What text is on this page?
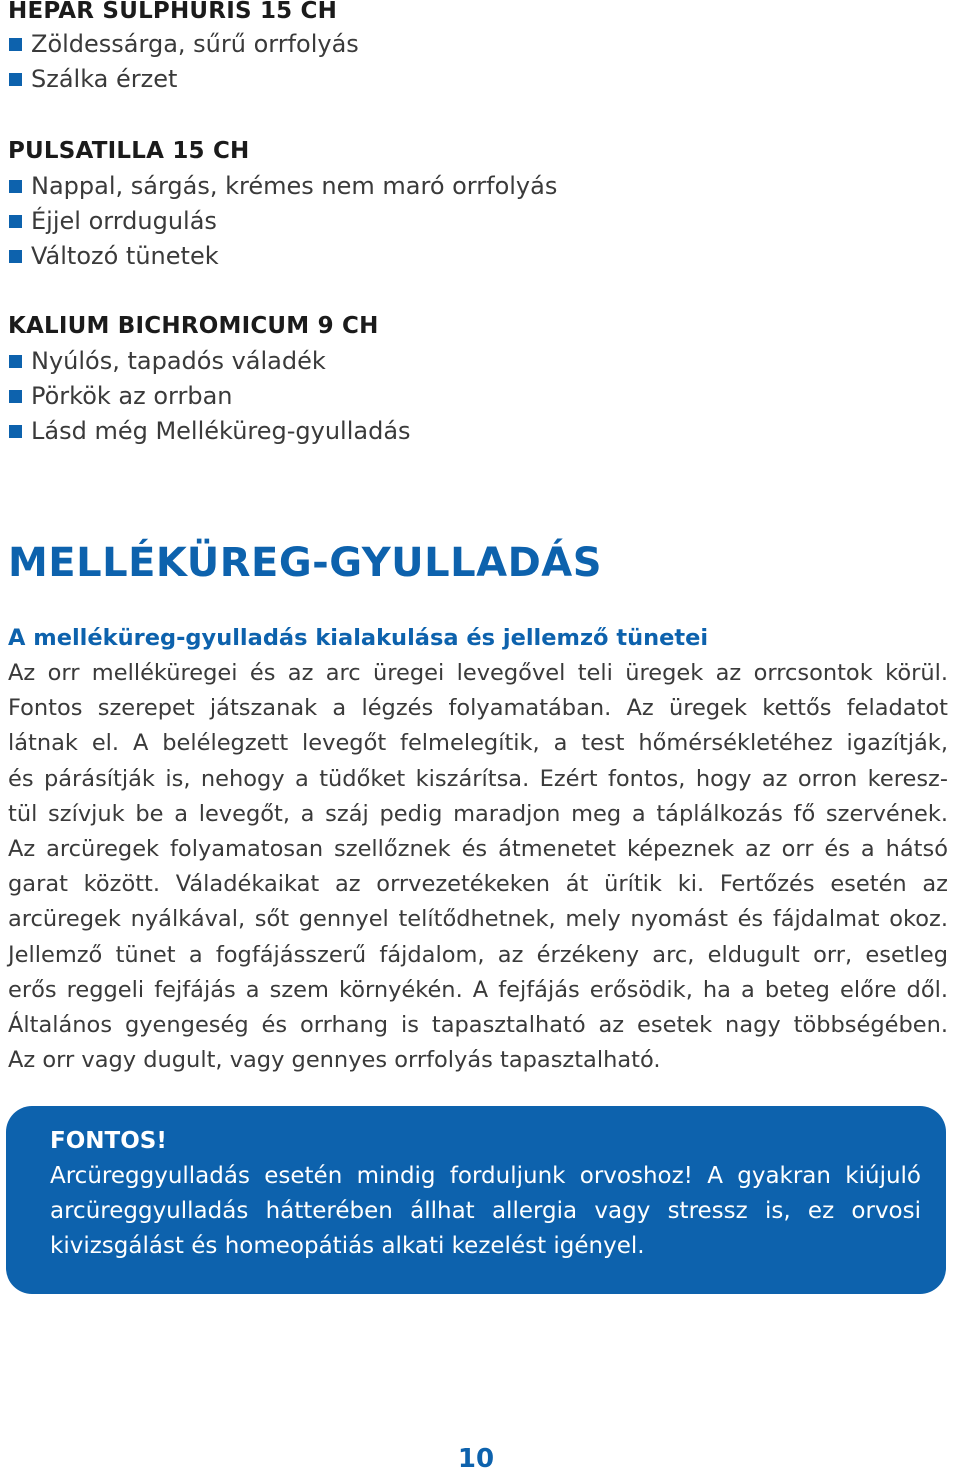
HEPAR SULPHURIS 15 CH
Zöldessárga, sűrű orrfolyás
Szálka érzet
PULSATILLA 15 CH
Nappal, sárgás, krémes nem maró orrfolyás
Éjjel orrdugulás
Változó tünetek
KALIUM BICHROMICUM 9 CH
Nyúlós, tapadós váladék
Pörkök az orrban
Lásd még Melléküreg-gyulladás
MELLÉKÜREG-GYULLADÁS
A melléküreg-gyulladás kialakulása és jellemző tünetei
Az orr melléküregei és az arc üregei levegővel teli üregek az orrcsontok körül.
Fontos szerepet játszanak a légzés folyamatában. Az üregek kettős feladatot
látnak el. A belélegzett levegőt felmelegítik, a test hőmérsékletéhez igazítják,
és párásítják is, nehogy a tüdőket kiszárítsa. Ezért fontos, hogy az orron keresz-
tül szívjuk be a levegőt, a száj pedig maradjon meg a táplálkozás fő szervének.
Az arcüregek folyamatosan szellőznek és átmenetet képeznek az orr és a hátsó
garat között. Váladékaikat az orrvezetékeken át ürítik ki. Fertőzés esetén az
arcüregek nyálkával, sőt gennyel telítődhetnek, mely nyomást és fájdalmat okoz.
Jellemző tünet a fogfájásszerű fájdalom, az érzékeny arc, eldugult orr, esetleg
erős reggeli fejfájás a szem környékén. A fejfájás erősödik, ha a beteg előre dől.
Általános gyengeség és orrhang is tapasztalható az esetek nagy többségében.
Az orr vagy dugult, vagy gennyes orrfolyás tapasztalható.
FONTOS!
Arcüreggyulladás esetén mindig forduljunk orvoshoz! A gyakran kiújuló
arcüreggyulladás hátterében állhat allergia vagy stressz is, ez orvosi
kivizsgálást és homeopátiás alkati kezelést igényel.
10
